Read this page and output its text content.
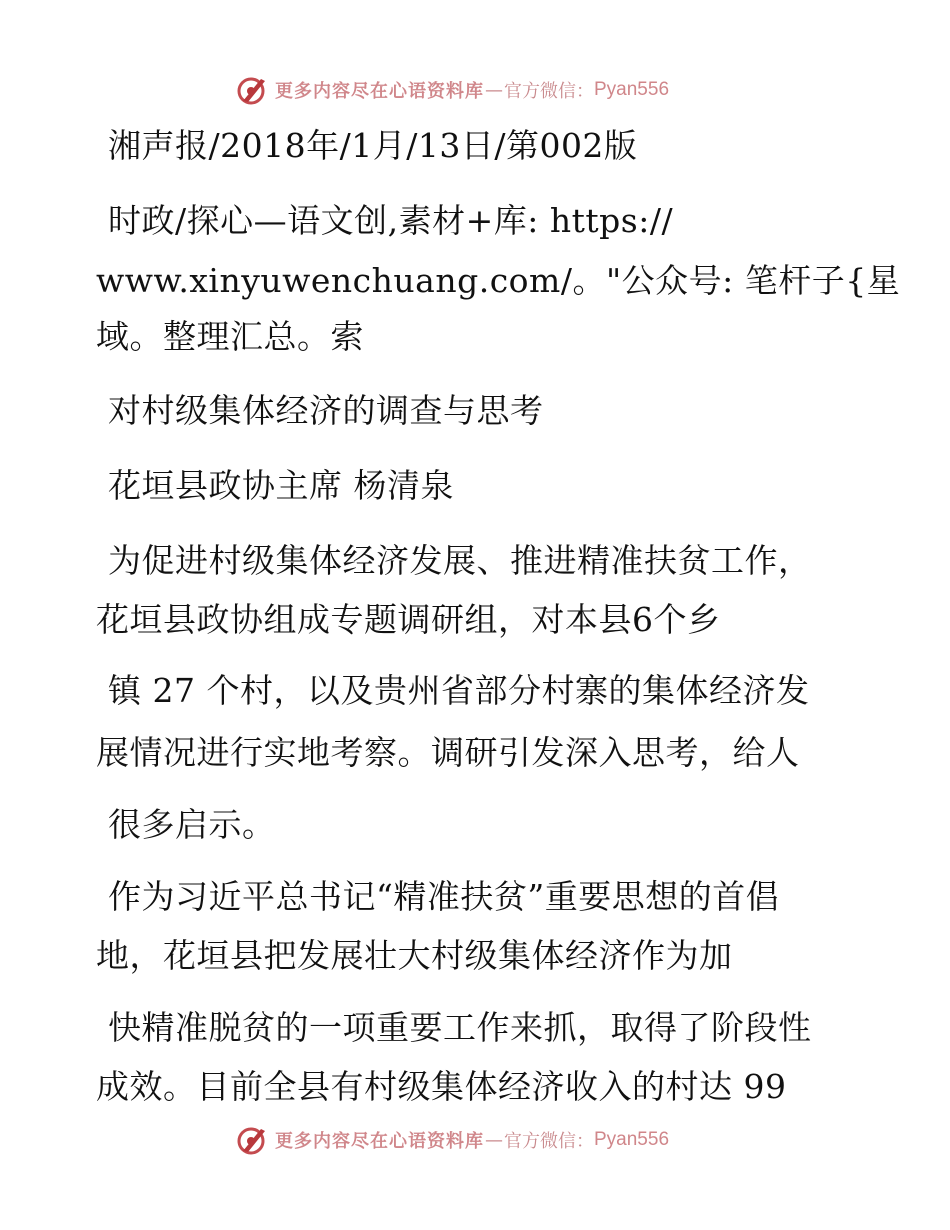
更多内容尽在心语资料库 — 官方微信： Pyan556
湘声报/2018年/1月/13日/第002版
时政/探心—语文创,素材+库: https://
www.xinyuwenchuang.com/。"公众号: 笔杆子{星
域。整理汇总。索
对村级集体经济的调查与思考
花垣县政协主席 杨清泉
为促进村级集体经济发展、推进精准扶贫工作，
花垣县政协组成专题调研组，对本县6个乡
镇 27 个村，以及贵州省部分村寨的集体经济发
展情况进行实地考察。调研引发深入思考，给人
很多启示。
作为习近平总书记“精准扶贫”重要思想的首倡
地，花垣县把发展壮大村级集体经济作为加
快精准脱贫的一项重要工作来抓，取得了阶段性
成效。目前全县有村级集体经济收入的村达 99
更多内容尽在心语资料库 — 官方微信： Pyan556
